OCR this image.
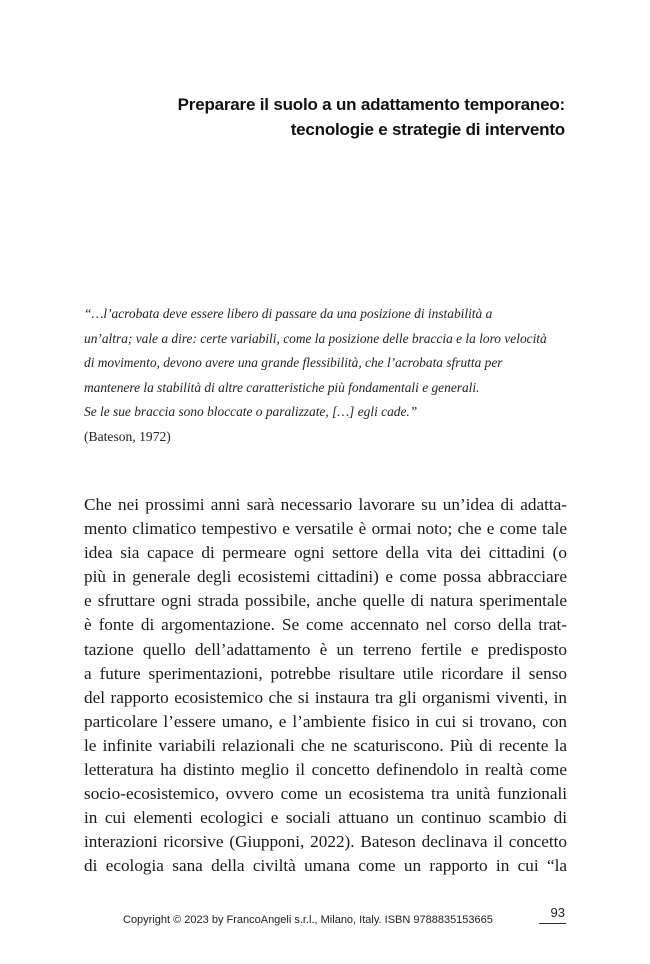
Preparare il suolo a un adattamento temporaneo:
tecnologie e strategie di intervento
“…l’acrobata deve essere libero di passare da una posizione di instabilità a
un’altra; vale a dire: certe variabili, come la posizione delle braccia e la loro velocità
di movimento, devono avere una grande flessibilità, che l’acrobata sfrutta per
mantenere la stabilità di altre caratteristiche più fondamentali e generali.
Se le sue braccia sono bloccate o paralizzate, […] egli cade.”
(Bateson, 1972)
Che nei prossimi anni sarà necessario lavorare su un’idea di adatta-
mento climatico tempestivo e versatile è ormai noto; che e come tale
idea sia capace di permeare ogni settore della vita dei cittadini (o
più in generale degli ecosistemi cittadini) e come possa abbracciare
e sfruttare ogni strada possibile, anche quelle di natura sperimentale
è fonte di argomentazione. Se come accennato nel corso della trat-
tazione quello dell’adattamento è un terreno fertile e predisposto
a future sperimentazioni, potrebbe risultare utile ricordare il senso
del rapporto ecosistemico che si instaura tra gli organismi viventi, in
particolare l’essere umano, e l’ambiente fisico in cui si trovano, con
le infinite variabili relazionali che ne scaturiscono. Più di recente la
letteratura ha distinto meglio il concetto definendolo in realtà come
socio-ecosistemico, ovvero come un ecosistema tra unità funzionali
in cui elementi ecologici e sociali attuano un continuo scambio di
interazioni ricorsive (Giupponi, 2022). Bateson declinava il concetto
di ecologia sana della civiltà umana come un rapporto in cui “la
93
Copyright © 2023 by FrancoAngeli s.r.l., Milano, Italy. ISBN 9788835153665
